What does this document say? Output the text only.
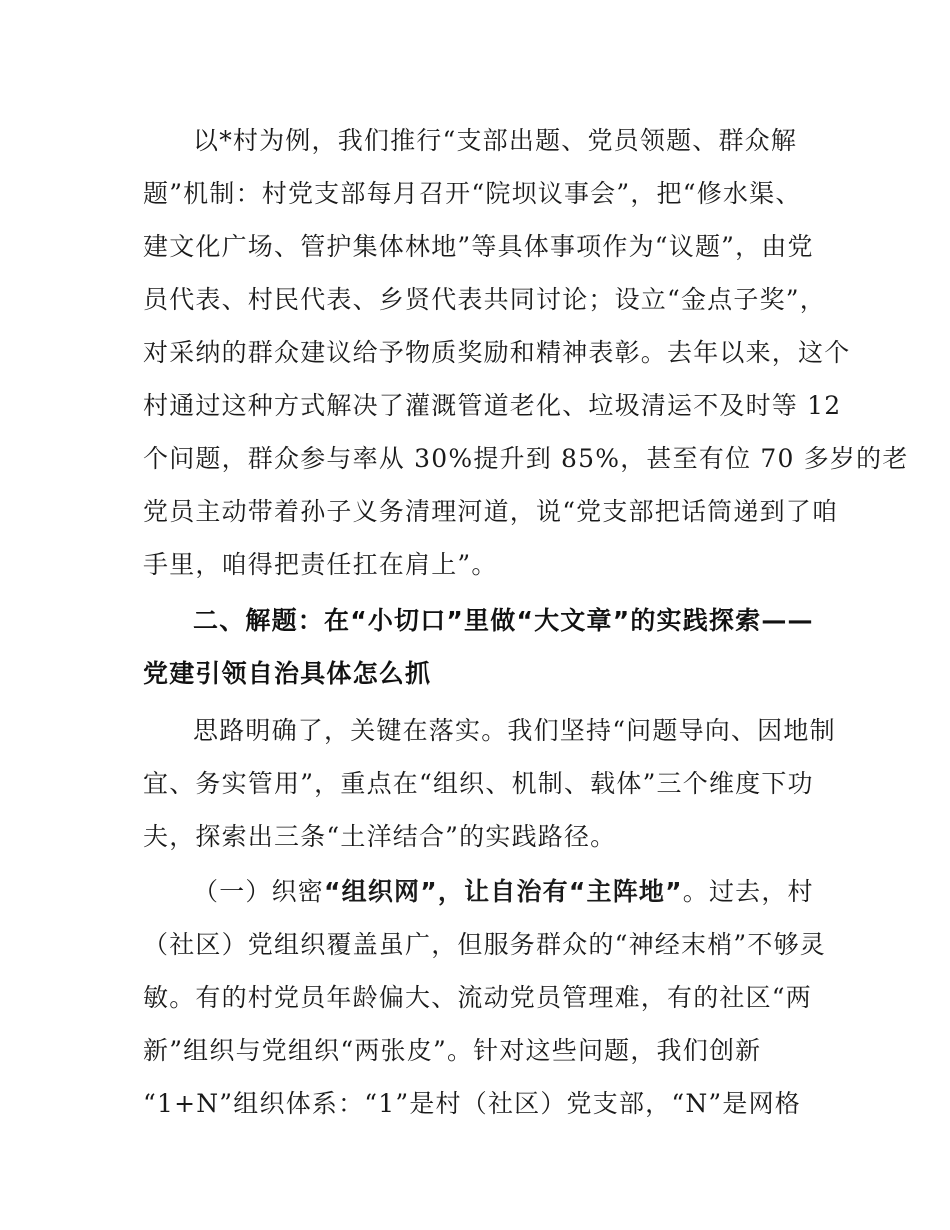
以*村为例，我们推行“支部出题、党员领题、群众解
题”机制：村党支部每月召开“院坝议事会”，把“修水渠、
建文化广场、管护集体林地”等具体事项作为“议题”，由党
员代表、村民代表、乡贤代表共同讨论；设立“金点子奖”，
对采纳的群众建议给予物质奖励和精神表彰。去年以来，这个
村通过这种方式解决了灌溉管道老化、垃圾清运不及时等 12
个问题，群众参与率从 30%提升到 85%，甚至有位 70 多岁的老
党员主动带着孙子义务清理河道，说“党支部把话筒递到了咱
手里，咱得把责任扛在肩上”。
二、解题：在“小切口”里做“大文章”的实践探索——
党建引领自治具体怎么抓
思路明确了，关键在落实。我们坚持“问题导向、因地制
宜、务实管用”，重点在“组织、机制、载体”三个维度下功
夫，探索出三条“土洋结合”的实践路径。
（一）织密“组织网”，让自治有“主阵地”。过去，村
（社区）党组织覆盖虽广，但服务群众的“神经末梢”不够灵
敏。有的村党员年龄偏大、流动党员管理难，有的社区“两
新”组织与党组织“两张皮”。针对这些问题，我们创新
“1+N”组织体系：“1”是村（社区）党支部，“N”是网格
